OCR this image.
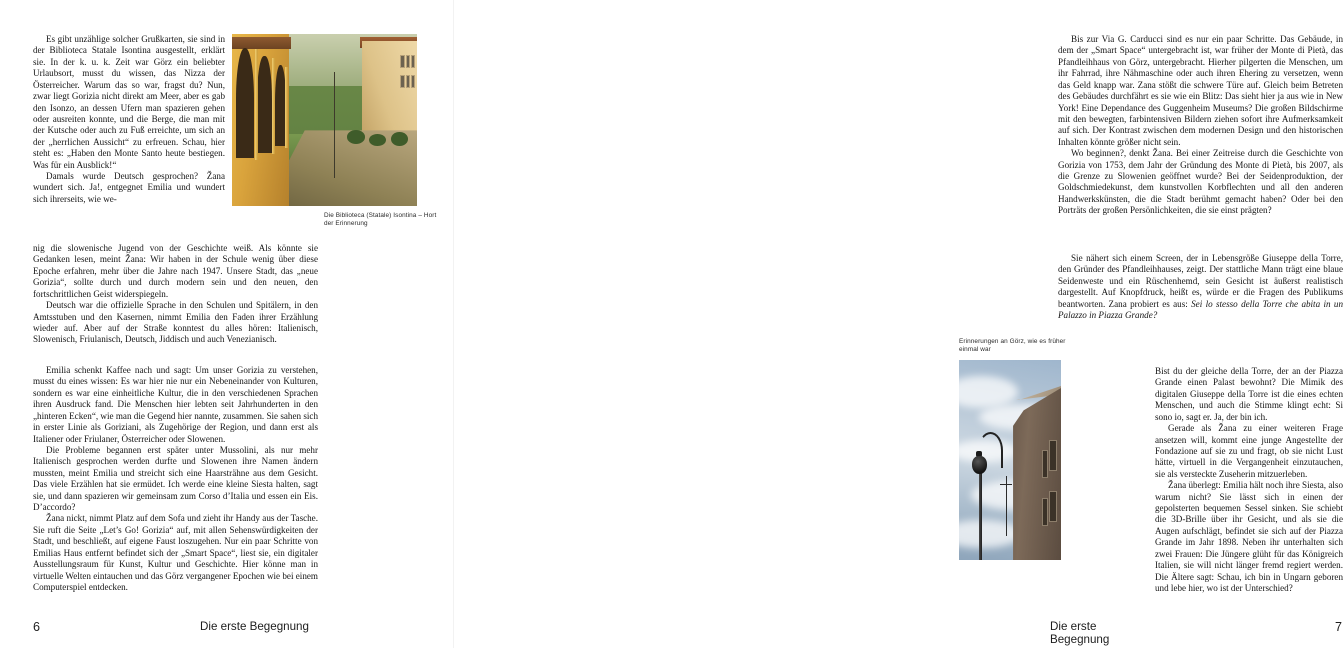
Es gibt unzählige solcher Grußkarten, sie sind in der Biblioteca Statale Isontina ausgestellt, erklärt sie. In der k. u. k. Zeit war Görz ein beliebter Urlaubsort, musst du wissen, das Nizza der Österreicher. Warum das so war, fragst du? Nun, zwar liegt Gorizia nicht direkt am Meer, aber es gab den Isonzo, an dessen Ufern man spazieren gehen oder ausreiten konnte, und die Berge, die man mit der Kutsche oder auch zu Fuß erreichte, um sich an der „herrlichen Aussicht“ zu erfreuen. Schau, hier steht es: „Haben den Monte Santo heute bestiegen. Was für ein Ausblick!“

Damals wurde Deutsch gesprochen? Žana wundert sich. Ja!, entgegnet Emilia und wundert sich ihrerseits, wie we-

nig die slowenische Jugend von der Geschichte weiß. Als könnte sie Gedanken lesen, meint Žana: Wir haben in der Schule wenig über diese Epoche erfahren, mehr über die Jahre nach 1947. Unsere Stadt, das „neue Gorizia“, sollte durch und durch modern sein und den neuen, den fortschrittlichen Geist widerspiegeln.

Deutsch war die offizielle Sprache in den Schulen und Spitälern, in den Amtsstuben und den Kasernen, nimmt Emilia den Faden ihrer Erzählung wieder auf. Aber auf der Straße konntest du alles hören: Italienisch, Slowenisch, Friulanisch, Deutsch, Jiddisch und auch Venezianisch.

Emilia schenkt Kaffee nach und sagt: Um unser Gorizia zu verstehen, musst du eines wissen: Es war hier nie nur ein Nebeneinander von Kulturen, sondern es war eine einheitliche Kultur, die in den verschiedenen Sprachen ihren Ausdruck fand. Die Menschen hier lebten seit Jahrhunderten in den „hinteren Ecken“, wie man die Gegend hier nannte, zusammen. Sie sahen sich in erster Linie als Goriziani, als Zugehörige der Region, und dann erst als Italiener oder Friulaner, Österreicher oder Slowenen.

Die Probleme begannen erst später unter Mussolini, als nur mehr Italienisch gesprochen werden durfte und Slowenen ihre Namen ändern mussten, meint Emilia und streicht sich eine Haarsträhne aus dem Gesicht. Das viele Erzählen hat sie ermüdet. Ich werde eine kleine Siesta halten, sagt sie, und dann spazieren wir gemeinsam zum Corso d’Italia und essen ein Eis. D’accordo?

Žana nickt, nimmt Platz auf dem Sofa und zieht ihr Handy aus der Tasche. Sie ruft die Seite „Let’s Go! Gorizia“ auf, mit allen Sehenswürdigkeiten der Stadt, und beschließt, auf eigene Faust loszugehen. Nur ein paar Schritte von Emilias Haus entfernt befindet sich der „Smart Space“, liest sie, ein digitaler Ausstellungsraum für Kunst, Kultur und Geschichte. Hier könne man in virtuelle Welten eintauchen und das Görz vergangener Epochen wie bei einem Computerspiel entdecken.

Die Biblioteca (Statale) Isontina – Hort der Erinnerung
6	Die erste Begegnung

Bis zur Via G. Carducci sind es nur ein paar Schritte. Das Gebäude, in dem der „Smart Space“ untergebracht ist, war früher der Monte di Pietà, das Pfandleihhaus von Görz, untergebracht. Hierher pilgerten die Menschen, um ihr Fahrrad, ihre Nähmaschine oder auch ihren Ehering zu versetzen, wenn das Geld knapp war. Zana stößt die schwere Türe auf. Gleich beim Betreten des Gebäudes durchfährt es sie wie ein Blitz: Das sieht hier ja aus wie in New York! Eine Dependance des Guggenheim Museums? Die großen Bildschirme mit den bewegten, farbintensiven Bildern ziehen sofort ihre Aufmerksamkeit auf sich. Der Kontrast zwischen dem modernen Design und den historischen Inhalten könnte größer nicht sein.

Wo beginnen?, denkt Žana. Bei einer Zeitreise durch die Geschichte von Gorizia von 1753, dem Jahr der Gründung des Monte di Pietà, bis 2007, als die Grenze zu Slowenien geöffnet wurde? Bei der Seidenproduktion, der Goldschmiedekunst, dem kunstvollen Korbflechten und all den anderen Handwerkskünsten, die die Stadt berühmt gemacht haben? Oder bei den Porträts der großen Persönlichkeiten, die sie einst prägten?

Sie nähert sich einem Screen, der in Lebensgröße Giuseppe della Torre, den Gründer des Pfandleihhauses, zeigt. Der stattliche Mann trägt eine blaue Seidenweste und ein Rüschenhemd, sein Gesicht ist äußerst realistisch dargestellt. Auf Knopfdruck, heißt es, würde er die Fragen des Publikums beantworten. Zana probiert es aus: Sei lo stesso della Torre che abita in un Palazzo in Piazza Grande?

Bist du der gleiche della Torre, der an der Piazza Grande einen Palast bewohnt? Die Mimik des digitalen Giuseppe della Torre ist die eines echten Menschen, und auch die Stimme klingt echt: Si sono io, sagt er. Ja, der bin ich.

Gerade als Žana zu einer weiteren Frage ansetzen will, kommt eine junge Angestellte der Fondazione auf sie zu und fragt, ob sie nicht Lust hätte, virtuell in die Vergangenheit einzutauchen, sie als versteckte Zuseherin mitzuerleben.

Žana überlegt: Emilia hält noch ihre Siesta, also warum nicht? Sie lässt sich in einen der gepolsterten bequemen Sessel sinken. Sie schiebt die 3D-Brille über ihr Gesicht, und als sie die Augen aufschlägt, befindet sie sich auf der Piazza Grande im Jahr 1898. Neben ihr unterhalten sich zwei Frauen: Die Jüngere glüht für das Königreich Italien, sie will nicht länger fremd regiert werden. Die Ältere sagt: Schau, ich bin in Ungarn geboren und lebe hier, wo ist der Unterschied?

Erinnerungen an Görz, wie es früher einmal war
Die erste Begegnung
7
